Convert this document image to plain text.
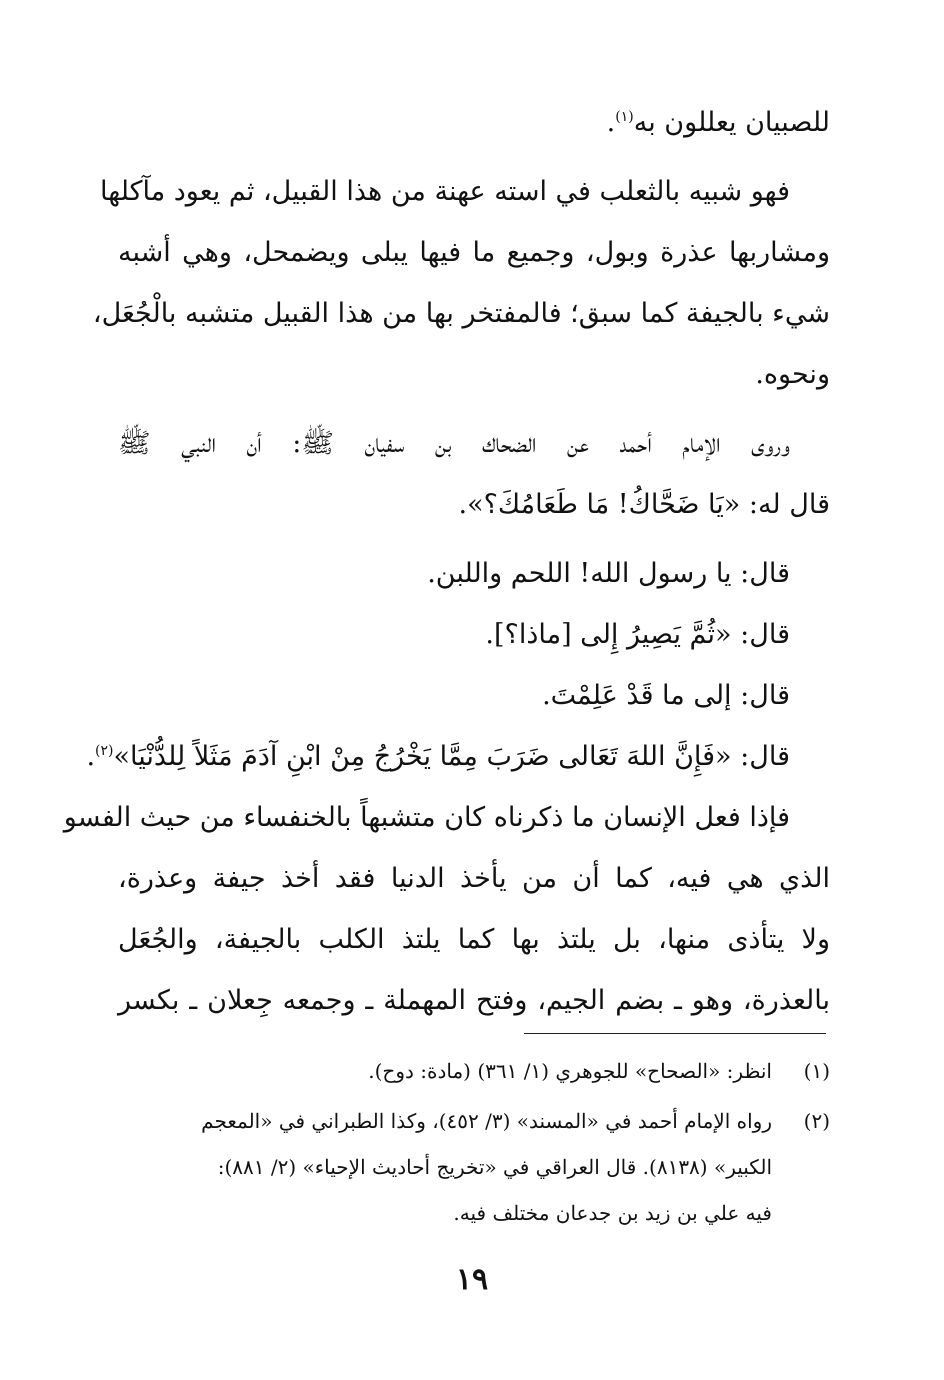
للصبيان يعللون به$^{(١)}$.
فهو شبيه بالثعلب في استه عهنة من هذا القبيل، ثم يعود مآكلها
ومشاربها عذرة وبول، وجميع ما فيها يبلى ويضمحل، وهي أشبه
شيء بالجيفة كما سبق؛ فالمفتخر بها من هذا القبيل متشبه بالْجُعَل،
ونحوه.
وروى الإمام أحمد عن الضحاك بن سفيان ﷺ: أن النبي ﷺ
قال له: «يَا ضَحَّاكُ! مَا طَعَامُكَ؟».
قال: يا رسول الله! اللحم واللبن.
قال: «ثُمَّ يَصِيرُ إِلى [ماذا؟].
قال: إلى ما قَدْ عَلِمْتَ.
قال: «فَإِنَّ اللهَ تَعَالى ضَرَبَ مِمَّا يَخْرُجُ مِنْ ابْنِ آدَمَ مَثَلاً لِلدُّنْيَا»$^{(٢)}$.
فإذا فعل الإنسان ما ذكرناه كان متشبهاً بالخنفساء من حيث الفسو
الذي هي فيه، كما أن من يأخذ الدنيا فقد أخذ جيفة وعذرة،
ولا يتأذى منها، بل يلتذ بها كما يلتذ الكلب بالجيفة، والجُعَل
بالعذرة، وهو ـ بضم الجيم، وفتح المهملة ـ وجمعه جِعلان ـ بكسر
(١)
انظر: «الصحاح» للجوهري (١/ ٣٦١) (مادة: دوح).
(٢)
رواه الإمام أحمد في «المسند» (٣/ ٤٥٢)، وكذا الطبراني في «المعجم
الكبير» (٨١٣٨). قال العراقي في «تخريج أحاديث الإحياء» (٢/ ٨٨١):
فيه علي بن زيد بن جدعان مختلف فيه.
١٩
